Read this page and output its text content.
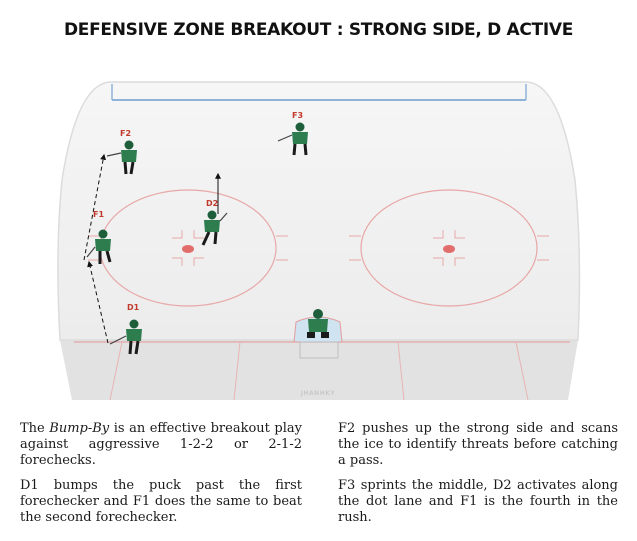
DEFENSIVE ZONE BREAKOUT : STRONG SIDE, D ACTIVE
F3
F2
D2
F1
D1
JHANHKY

The Bump-By is an effective breakout play against aggressive 1-2-2 or 2-1-2 forechecks.

D1 bumps the puck past the first forechecker and F1 does the same to beat the second forechecker.

F2 pushes up the strong side and scans the ice to identify threats before catching a pass.

F3 sprints the middle, D2 activates along the dot lane and F1 is the fourth in the rush.
